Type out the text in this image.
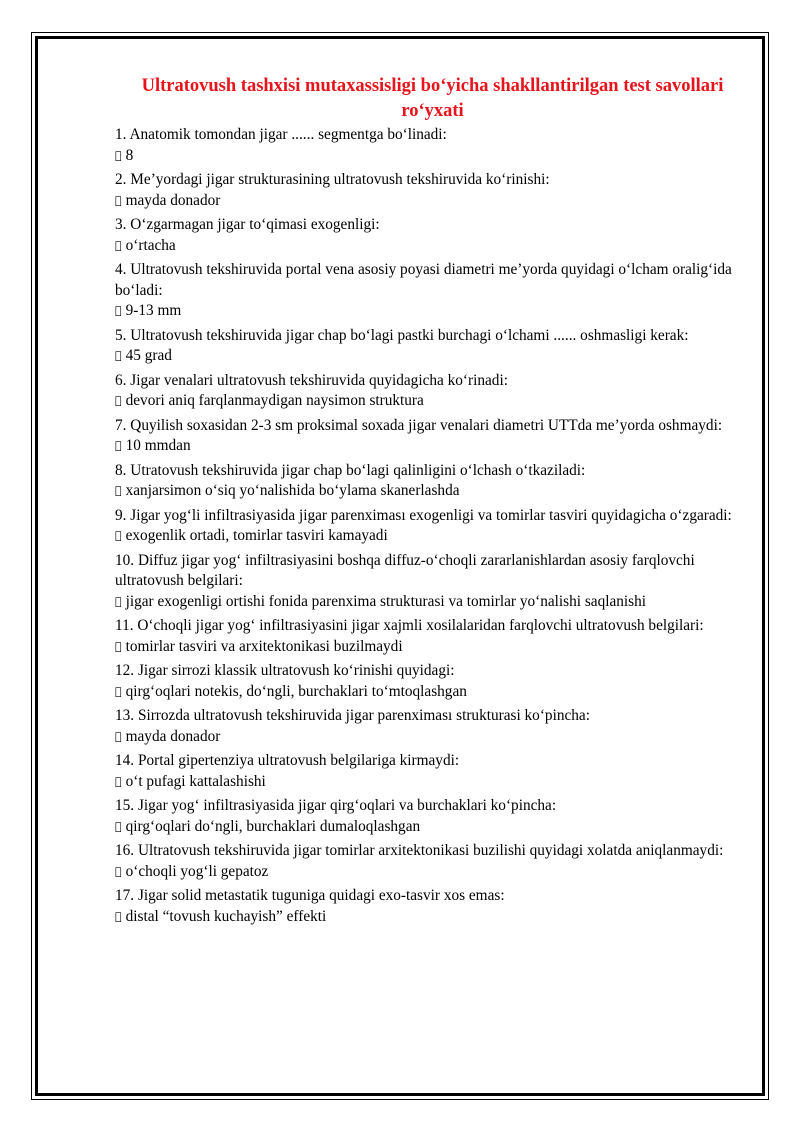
Ultratovush tashxisi mutaxassisligi boʻyicha shakllantirilgan test savollari roʻyxati

1. Anatomik tomondan jigar ...... segmentga boʻlinadi:

8

2. Me’yordagi jigar strukturasining ultratovush tekshiruvida koʻrinishi:

mayda donador

3. Oʻzgarmagan jigar toʻqimasi exogenligi:

oʻrtacha

4. Ultratovush tekshiruvida portal vena asosiy poyasi diametri me’yorda quyidagi oʻlcham oraligʻida boʻladi:

9-13 mm

5. Ultratovush tekshiruvida jigar chap boʻlagi pastki burchagi oʻlchami ...... oshmasligi kerak:

45 grad

6. Jigar venalari ultratovush tekshiruvida quyidagicha koʻrinadi:

devori aniq farqlanmaydigan naysimon struktura

7. Quyilish soxasidan 2-3 sm proksimal soxada jigar venalari diametri UTTda me’yorda oshmaydi:

10 mmdan

8. Utratovush tekshiruvida jigar chap boʻlagi qalinligini oʻlchash oʻtkaziladi:

xanjarsimon oʻsiq yoʻnalishida boʻylama skanerlashda

9. Jigar yogʻli infiltrasiyasida jigar parenximası exogenligi va tomirlar tasviri quyidagicha oʻzgaradi:

exogenlik ortadi, tomirlar tasviri kamayadi

10. Diffuz jigar yogʻ infiltrasiyasini boshqa diffuz-oʻchoqli zararlanishlardan asosiy farqlovchi ultratovush belgilari:

jigar exogenligi ortishi fonida parenxima strukturasi va tomirlar yoʻnalishi saqlanishi

11. Oʻchoqli jigar yogʻ infiltrasiyasini jigar xajmli xosilalaridan farqlovchi ultratovush belgilari:

tomirlar tasviri va arxitektonikasi buzilmaydi

12. Jigar sirrozi klassik ultratovush koʻrinishi quyidagi:

qirgʻoqlari notekis, doʻngli, burchaklari toʻmtoqlashgan

13. Sirrozda ultratovush tekshiruvida jigar parenximası strukturasi koʻpincha:

mayda donador

14. Portal gipertenziya ultratovush belgilariga kirmaydi:

oʻt pufagi kattalashishi

15. Jigar yogʻ infiltrasiyasida jigar qirgʻoqlari va burchaklari koʻpincha:

qirgʻoqlari doʻngli, burchaklari dumaloqlashgan

16. Ultratovush tekshiruvida jigar tomirlar arxitektonikasi buzilishi quyidagi xolatda aniqlanmaydi:

oʻchoqli yogʻli gepatoz

17. Jigar solid metastatik tuguniga quidagi exo-tasvir xos emas:

distal “tovush kuchayish” effekti
